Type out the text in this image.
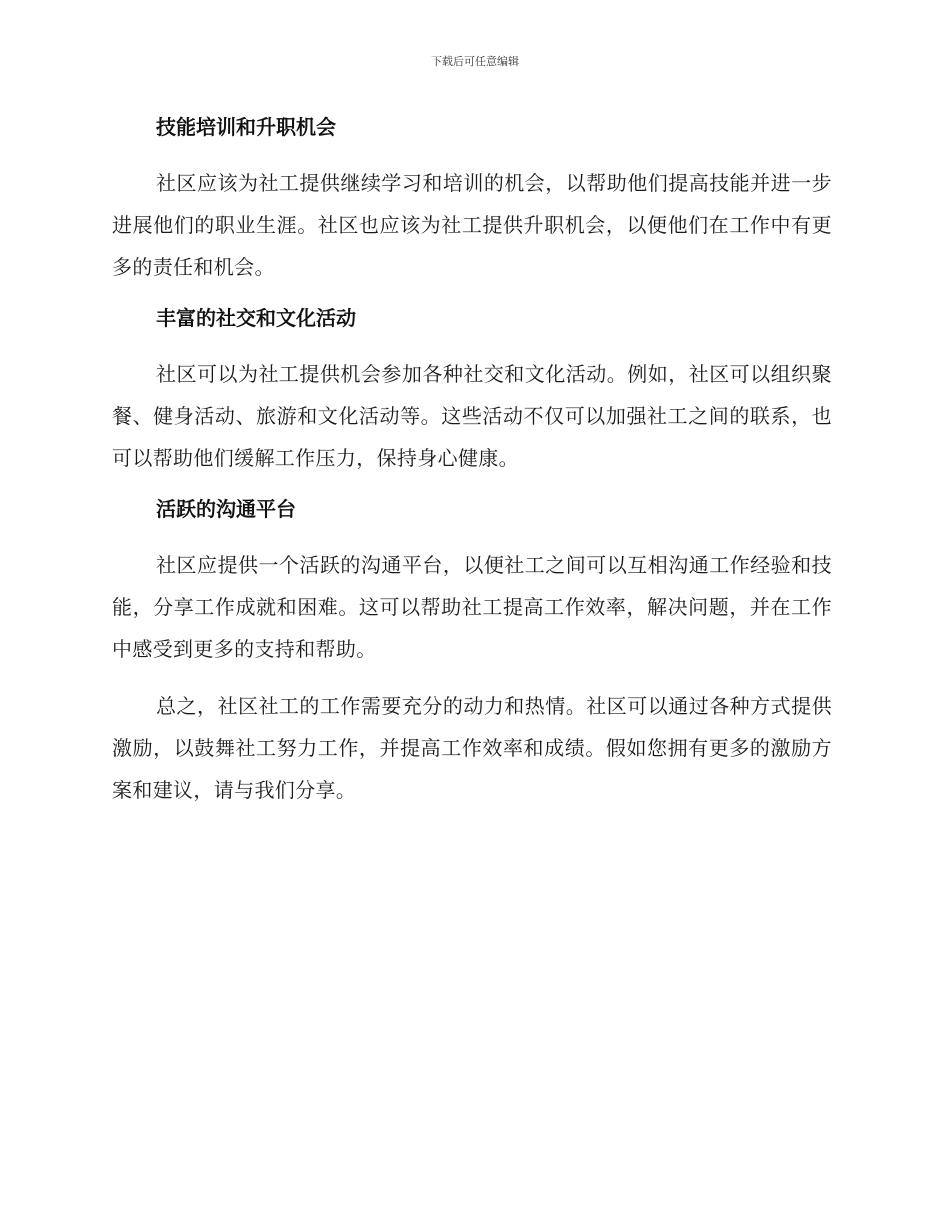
下载后可任意编辑
技能培训和升职机会

社区应该为社工提供继续学习和培训的机会，以帮助他们提高技能并进一步进展他们的职业生涯。社区也应该为社工提供升职机会，以便他们在工作中有更多的责任和机会。

丰富的社交和文化活动

社区可以为社工提供机会参加各种社交和文化活动。例如，社区可以组织聚餐、健身活动、旅游和文化活动等。这些活动不仅可以加强社工之间的联系，也可以帮助他们缓解工作压力，保持身心健康。

活跃的沟通平台

社区应提供一个活跃的沟通平台，以便社工之间可以互相沟通工作经验和技能，分享工作成就和困难。这可以帮助社工提高工作效率，解决问题，并在工作中感受到更多的支持和帮助。

总之，社区社工的工作需要充分的动力和热情。社区可以通过各种方式提供激励，以鼓舞社工努力工作，并提高工作效率和成绩。假如您拥有更多的激励方案和建议，请与我们分享。
